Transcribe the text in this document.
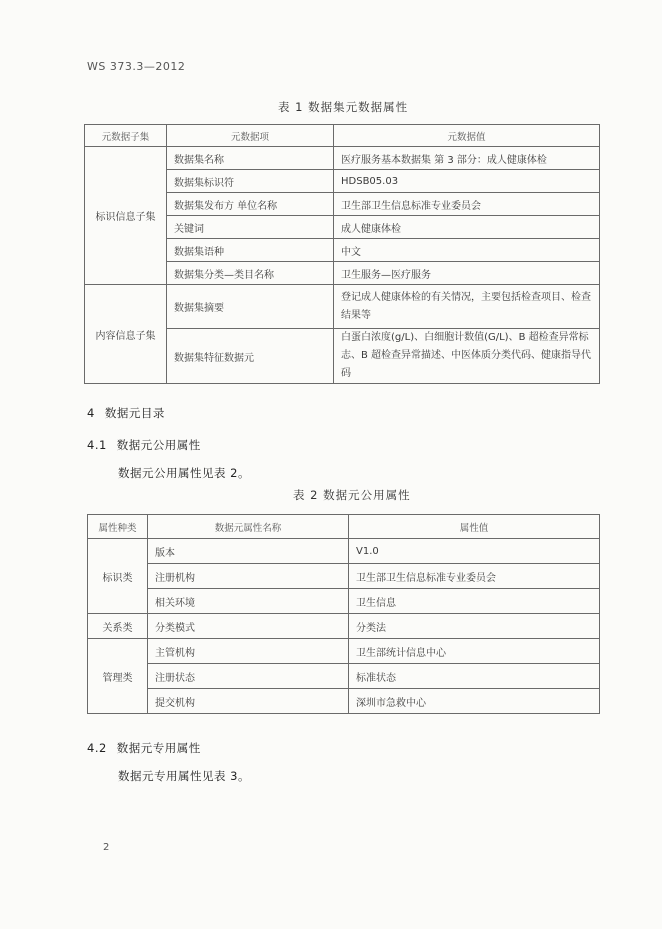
WS 373.3—2012
表 1 数据集元数据属性
元数据子集	元数据项	元数据值
标识信息子集	数据集名称	医疗服务基本数据集 第 3 部分：成人健康体检
	数据集标识符	HDSB05.03
	数据集发布方 单位名称	卫生部卫生信息标准专业委员会
	关键词	成人健康体检
	数据集语种	中文
	数据集分类—类目名称	卫生服务—医疗服务
内容信息子集	数据集摘要	登记成人健康体检的有关情况，主要包括检查项目、检查结果等
	数据集特征数据元	白蛋白浓度(g/L)、白细胞计数值(G/L)、B 超检查异常标志、B 超检查异常描述、中医体质分类代码、健康指导代码
4 数据元目录
4.1 数据元公用属性
数据元公用属性见表 2。
表 2 数据元公用属性
属性种类	数据元属性名称	属性值
标识类	版本	V1.0
	注册机构	卫生部卫生信息标准专业委员会
	相关环境	卫生信息
关系类	分类模式	分类法
管理类	主管机构	卫生部统计信息中心
	注册状态	标准状态
	提交机构	深圳市急救中心
4.2 数据元专用属性
数据元专用属性见表 3。
2
